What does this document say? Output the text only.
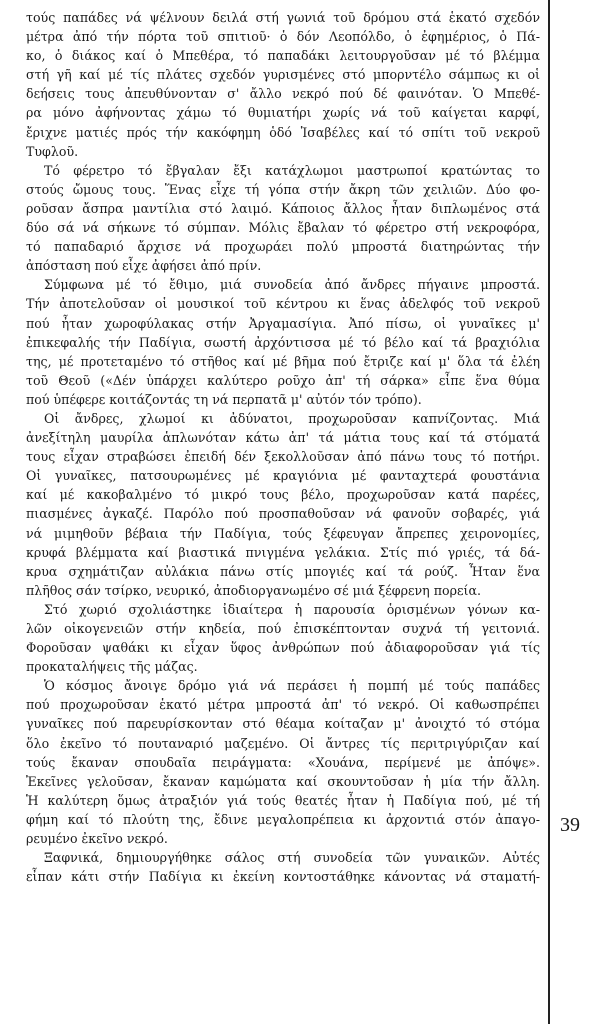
τούς παπάδες νά ψέλνουν δειλά στή γωνιά τοῦ δρόμου στά ἑκατό σχεδόν
μέτρα ἀπό τήν πόρτα τοῦ σπιτιοῦ· ὁ δόν Λεοπόλδο, ὁ ἐφημέριος, ὁ Πά-
κο, ὁ διάκος καί ὁ Μπεθέρα, τό παπαδάκι λειτουργοῦσαν μέ τό βλέμμα
στή γῆ καί μέ τίς πλάτες σχεδόν γυρισμένες στό μπορντέλο σάμπως κι οἱ
δεήσεις τους ἀπευθύνονταν σ' ἄλλο νεκρό πού δέ φαινόταν. Ὁ Μπεθέ-
ρα μόνο ἀφήνοντας χάμω τό θυμιατήρι χωρίς νά τοῦ καίγεται καρφί,
ἔριχνε ματιές πρός τήν κακόφημη ὁδό Ἰσαβέλες καί τό σπίτι τοῦ νεκροῦ
Τυφλοῦ.
Τό φέρετρο τό ἔβγαλαν ἔξι κατάχλωμοι μαστρωποί κρατώντας το
στούς ὤμους τους. Ἕνας εἶχε τή γόπα στήν ἄκρη τῶν χειλιῶν. Δύο φο-
ροῦσαν ἄσπρα μαντίλια στό λαιμό. Κάποιος ἄλλος ἦταν διπλωμένος στά
δύο σά νά σήκωνε τό σύμπαν. Μόλις ἔβαλαν τό φέρετρο στή νεκροφόρα,
τό παπαδαριό ἄρχισε νά προχωράει πολύ μπροστά διατηρώντας τήν
ἀπόσταση πού εἶχε ἀφήσει ἀπό πρίν.
Σύμφωνα μέ τό ἔθιμο, μιά συνοδεία ἀπό ἄνδρες πήγαινε μπροστά.
Τήν ἀποτελοῦσαν οἱ μουσικοί τοῦ κέντρου κι ἕνας ἀδελφός τοῦ νεκροῦ
πού ἦταν χωροφύλακας στήν Ἀργαμασίγια. Ἀπό πίσω, οἱ γυναῖκες μ'
ἐπικεφαλής τήν Παδίγια, σωστή ἀρχόντισσα μέ τό βέλο καί τά βραχιόλια
της, μέ προτεταμένο τό στῆθος καί μέ βῆμα πού ἔτριζε καί μ' ὅλα τά ἐλέη
τοῦ Θεοῦ («Δέν ὑπάρχει καλύτερο ροῦχο ἀπ' τή σάρκα» εἶπε ἕνα θύμα
πού ὑπέφερε κοιτάζοντάς τη νά περπατᾶ μ' αὐτόν τόν τρόπο).
Οἱ ἄνδρες, χλωμοί κι ἀδύνατοι, προχωροῦσαν καπνίζοντας. Μιά
ἀνεξίτηλη μαυρίλα ἁπλωνόταν κάτω ἀπ' τά μάτια τους καί τά στόματά
τους εἶχαν στραβώσει ἐπειδή δέν ξεκολλοῦσαν ἀπό πάνω τους τό ποτήρι.
Οἱ γυναῖκες, πατσουρωμένες μέ κραγιόνια μέ φανταχτερά φουστάνια
καί μέ κακοβαλμένο τό μικρό τους βέλο, προχωροῦσαν κατά παρέες,
πιασμένες ἀγκαζέ. Παρόλο πού προσπαθοῦσαν νά φανοῦν σοβαρές, γιά
νά μιμηθοῦν βέβαια τήν Παδίγια, τούς ξέφευγαν ἄπρεπες χειρονομίες,
κρυφά βλέμματα καί βιαστικά πνιγμένα γελάκια. Στίς πιό γριές, τά δά-
κρυα σχημάτιζαν αὐλάκια πάνω στίς μπογιές καί τά ρούζ. Ἦταν ἕνα
πλῆθος σάν τσίρκο, νευρικό, ἀποδιοργανωμένο σέ μιά ξέφρενη πορεία.
Στό χωριό σχολιάστηκε ἰδιαίτερα ἡ παρουσία ὁρισμένων γόνων κα-
λῶν οἰκογενειῶν στήν κηδεία, πού ἐπισκέπτονταν συχνά τή γειτονιά.
Φοροῦσαν ψαθάκι κι εἶχαν ὕφος ἀνθρώπων πού ἀδιαφοροῦσαν γιά τίς
προκαταλήψεις τῆς μάζας.
Ὁ κόσμος ἄνοιγε δρόμο γιά νά περάσει ἡ πομπή μέ τούς παπάδες
πού προχωροῦσαν ἑκατό μέτρα μπροστά ἀπ' τό νεκρό. Οἱ καθωσπρέπει
γυναῖκες πού παρευρίσκονταν στό θέαμα κοίταζαν μ' ἀνοιχτό τό στόμα
ὅλο ἐκεῖνο τό πουταναριό μαζεμένο. Οἱ ἄντρες τίς περιτριγύριζαν καί
τούς ἔκαναν σπουδαῖα πειράγματα: «Χουάνα, περίμενέ με ἀπόψε».
Ἐκεῖνες γελοῦσαν, ἔκαναν καμώματα καί σκουντοῦσαν ἡ μία τήν ἄλλη.
Ἡ καλύτερη ὅμως ἀτραξιόν γιά τούς θεατές ἦταν ἡ Παδίγια πού, μέ τή
φήμη καί τό πλούτη της, ἔδινε μεγαλοπρέπεια κι ἀρχοντιά στόν ἀπαγο-
ρευμένο ἐκεῖνο νεκρό.
Ξαφνικά, δημιουργήθηκε σάλος στή συνοδεία τῶν γυναικῶν. Αὐτές
εἶπαν κάτι στήν Παδίγια κι ἐκείνη κοντοστάθηκε κάνοντας νά σταματή-
39
